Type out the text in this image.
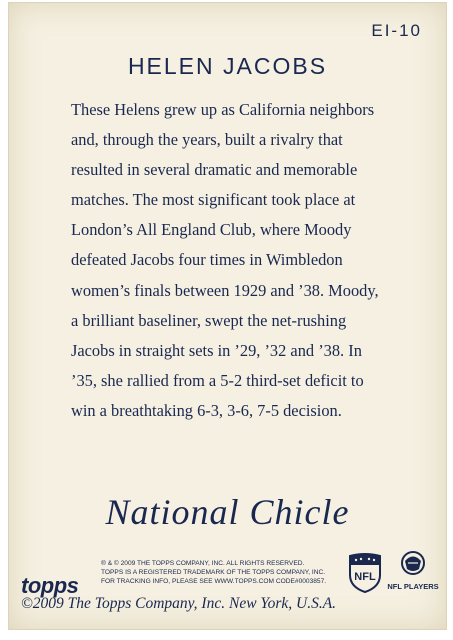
EI-10
HELEN JACOBS
These Helens grew up as California neighbors
and, through the years, built a rivalry that
resulted in several dramatic and memorable
matches. The most significant took place at
London’s All England Club, where Moody
defeated Jacobs four times in Wimbledon
women’s finals between 1929 and ’38. Moody,
a brilliant baseliner, swept the net-rushing
Jacobs in straight sets in ’29, ’32 and ’38. In
’35, she rallied from a 5-2 third-set deficit to
win a breathtaking 6-3, 3-6, 7-5 decision.
National Chicle
topps
® & © 2009 THE TOPPS COMPANY, INC. ALL RIGHTS RESERVED.
TOPPS IS A REGISTERED TRADEMARK OF THE TOPPS COMPANY, INC.
FOR TRACKING INFO, PLEASE SEE WWW.TOPPS.COM CODE#0003857.	NFL
NFL PLAYERS
©2009 The Topps Company, Inc. New York, U.S.A.
